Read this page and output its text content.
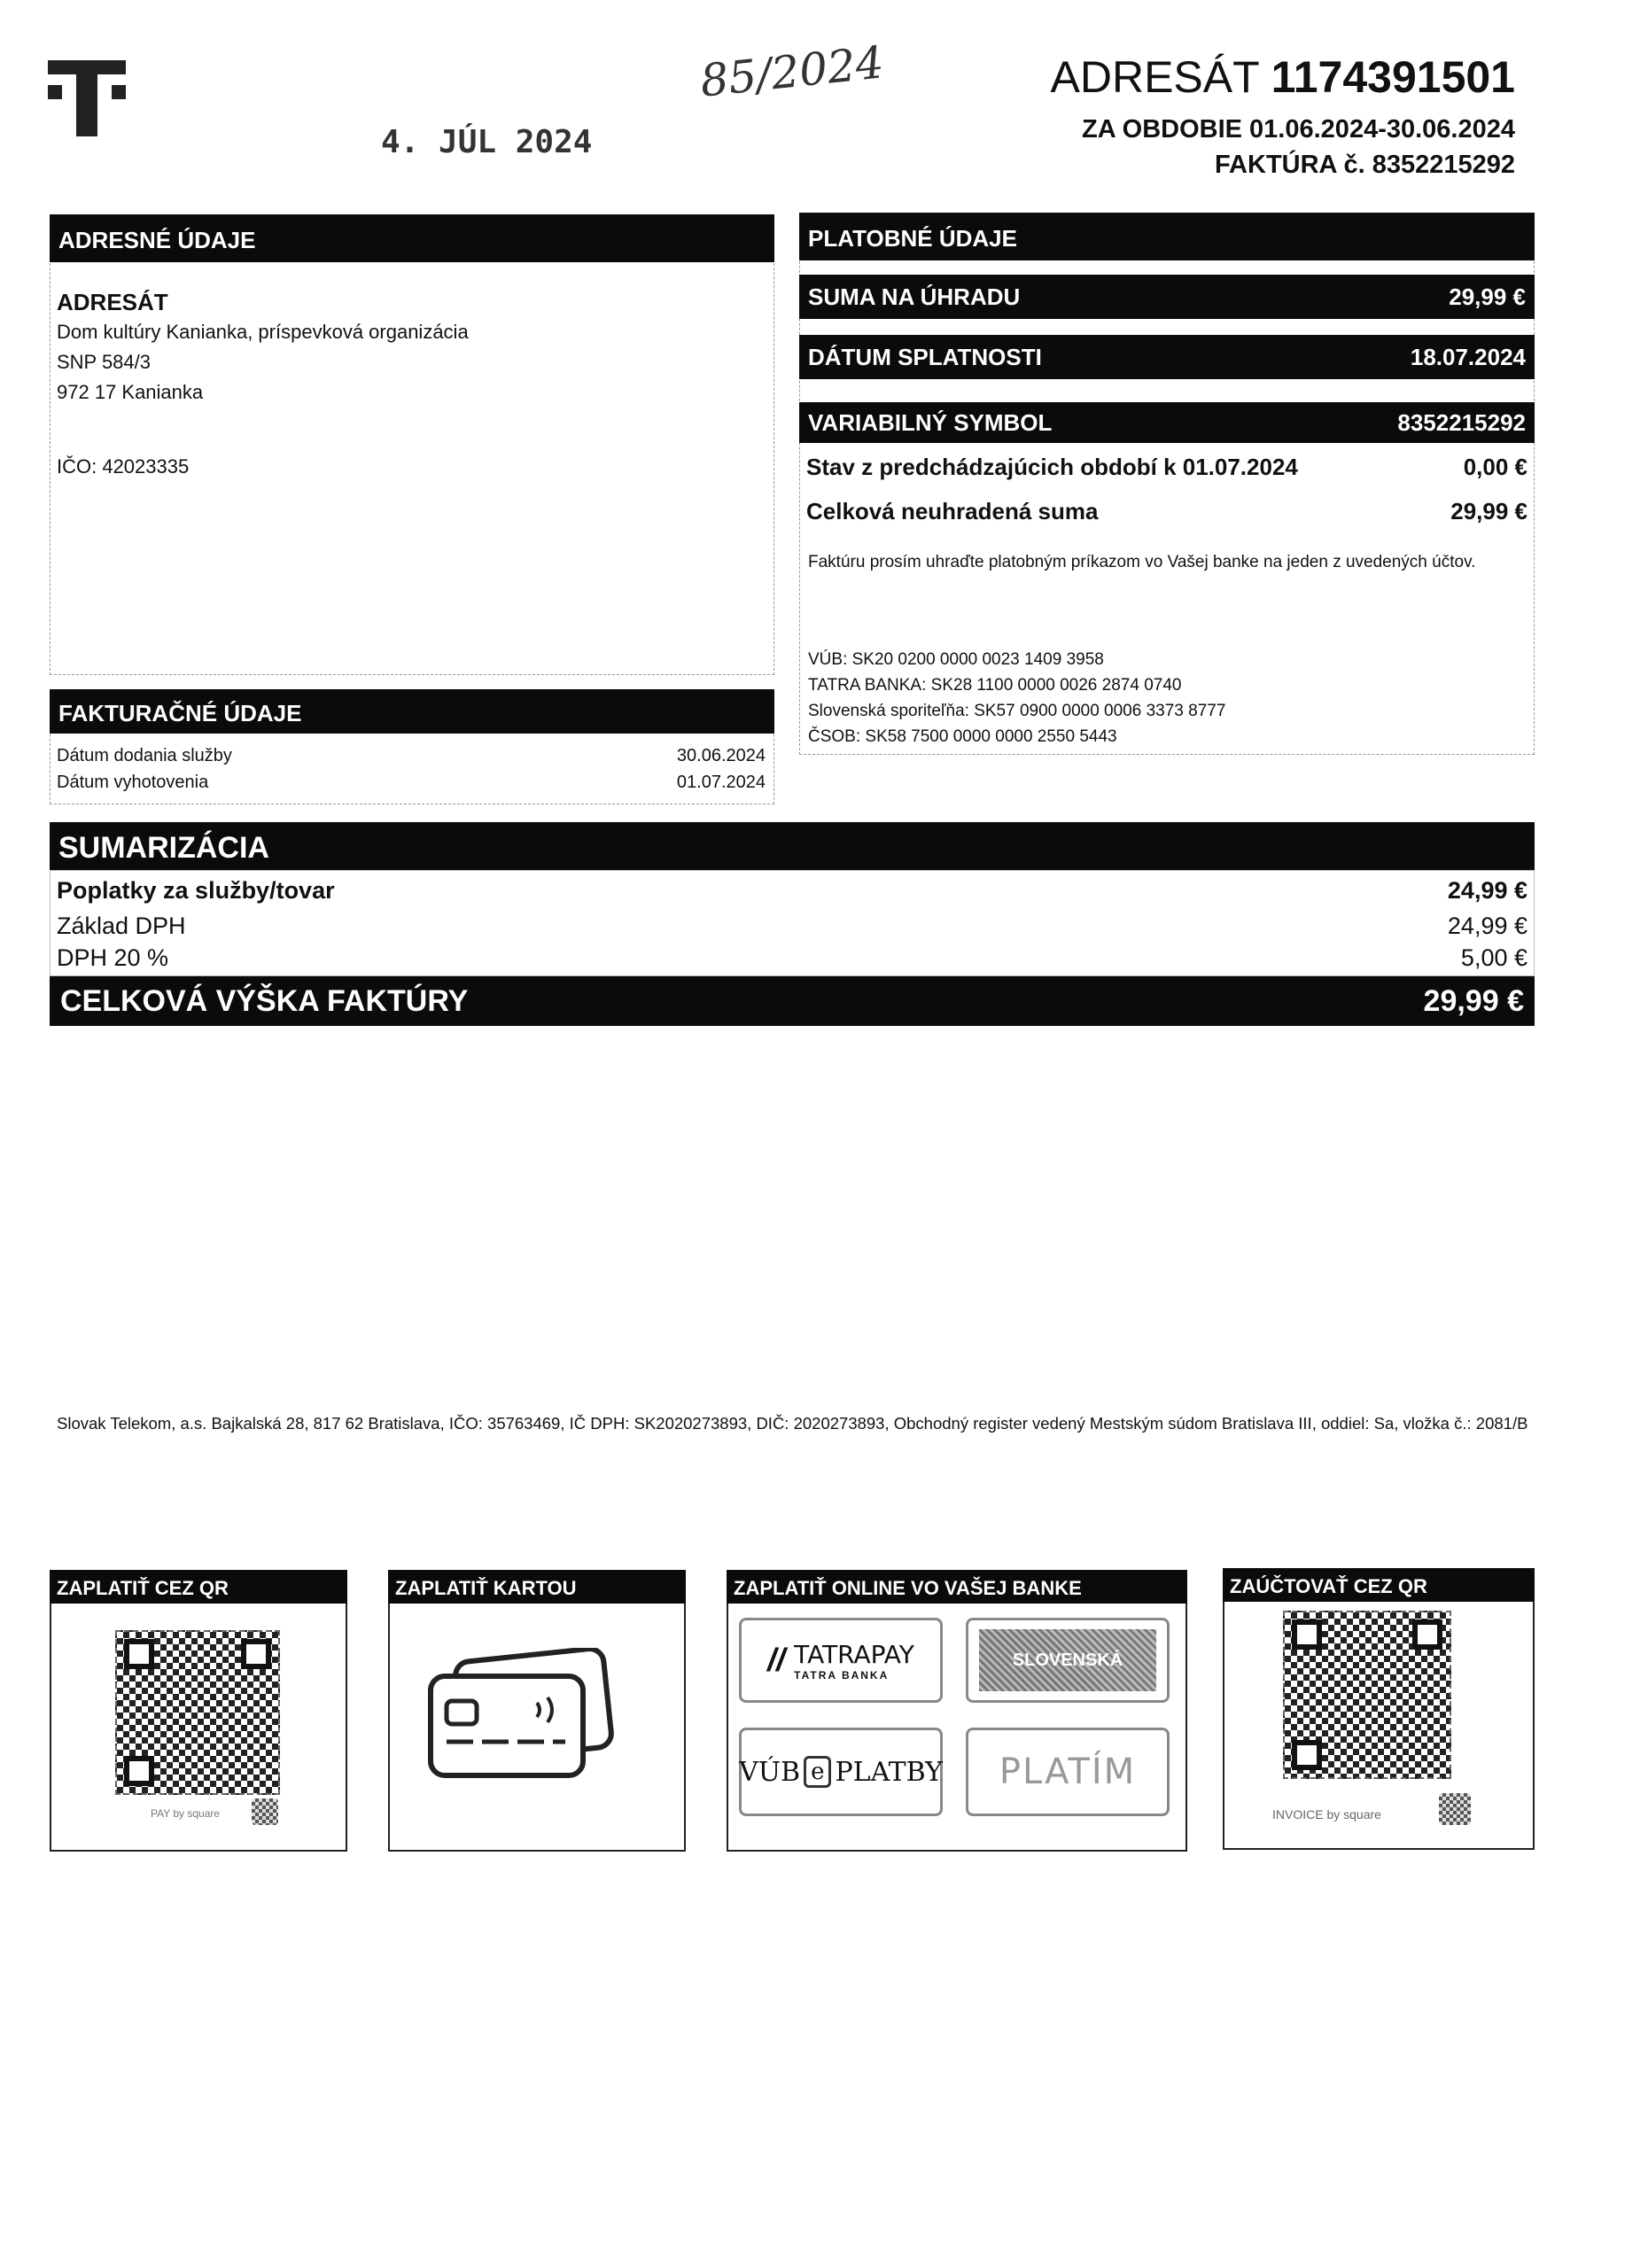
85/2024
4. JÚL 2024
ADRESÁT 1174391501
ZA OBDOBIE 01.06.2024-30.06.2024
FAKTÚRA č. 8352215292
ADRESNÉ ÚDAJE
ADRESÁT
Dom kultúry Kanianka, príspevková organizácia
SNP 584/3
972 17 Kanianka
IČO: 42023335
FAKTURAČNÉ ÚDAJE
Dátum dodania služby	30.06.2024
Dátum vyhotovenia	01.07.2024
PLATOBNÉ ÚDAJE
SUMA NA ÚHRADU	29,99 €
DÁTUM SPLATNOSTI	18.07.2024
VARIABILNÝ SYMBOL	8352215292
Stav z predchádzajúcich období k 01.07.2024	0,00 €
Celková neuhradená suma	29,99 €
Faktúru prosím uhraďte platobným príkazom vo Vašej banke na jeden z uvedených účtov.
VÚB: SK20 0200 0000 0023 1409 3958
TATRA BANKA: SK28 1100 0000 0026 2874 0740
Slovenská sporiteľňa: SK57 0900 0000 0006 3373 8777
ČSOB: SK58 7500 0000 0000 2550 5443
SUMARIZÁCIA
Poplatky za služby/tovar	24,99 €
Základ DPH	24,99 €
DPH 20 %	5,00 €
CELKOVÁ VÝŠKA FAKTÚRY	29,99 €
Slovak Telekom, a.s. Bajkalská 28, 817 62 Bratislava, IČO: 35763469, IČ DPH: SK2020273893, DIČ: 2020273893, Obchodný register vedený Mestským súdom Bratislava III, oddiel: Sa, vložka č.: 2081/B
ZAPLATIŤ CEZ QR
PAY by square
ZAPLATIŤ KARTOU	ZAPLATIŤ ONLINE VO VAŠEJ BANKE
// TATRAPAY
TATRA BANKA
SLOVENSKÁ
VÚB e PLATBY PLATÍM
ZAÚČTOVAŤ CEZ QR
INVOICE by square
